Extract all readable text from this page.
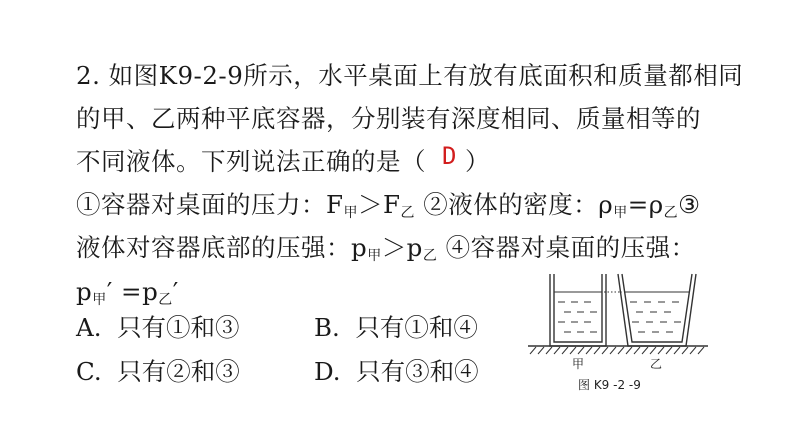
2. 如图K9-2-9所示，水平桌面上有放有底面积和质量都相同
的甲、乙两种平底容器，分别装有深度相同、质量相等的
不同液体。下列说法正确的是（ D ）
①容器对桌面的压力：$F_甲>F_乙$ ②液体的密度：$\rho_甲=\rho_乙③$
液体对容器底部的压强：$p_甲>p_乙$ ④容器对桌面的压强：
$p_甲' =p_乙'$
A. 只有①和③	B. 只有①和④
C. 只有②和③	D. 只有③和④	甲	乙
图 K9 -2 -9
